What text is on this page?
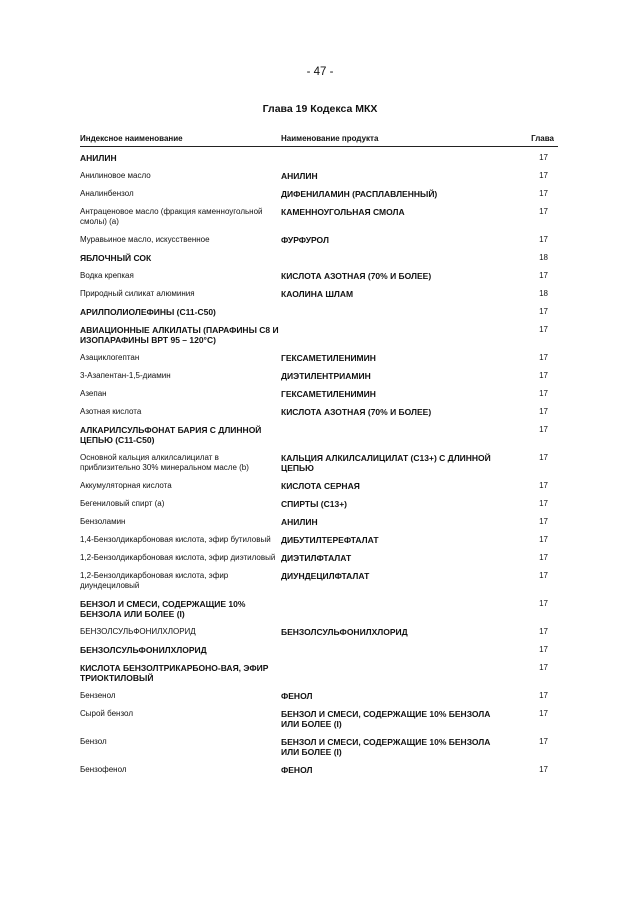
- 47 -
Глава 19 Кодекса МКХ
Индексное наименование	Наименование продукта	Глава
АНИЛИН		17
Анилиновое масло	АНИЛИН	17
Аналинбензол	ДИФЕНИЛАМИН (РАСПЛАВЛЕННЫЙ)	17
Антраценовое масло (фракция каменноугольной смолы) (а)	КАМЕННОУГОЛЬНАЯ СМОЛА	17
Муравьиное масло, искусственное	ФУРФУРОЛ	17
ЯБЛОЧНЫЙ СОК		18
Водка крепкая	КИСЛОТА АЗОТНАЯ (70% И БОЛЕЕ)	17
Природный силикат алюминия	КАОЛИНА ШЛАМ	18
АРИЛПОЛИОЛЕФИНЫ (С11-С50)		17
АВИАЦИОННЫЕ АЛКИЛАТЫ (ПАРАФИНЫ С8 И ИЗОПАРАФИНЫ ВРТ 95 – 120°С)		17
Азациклогептан	ГЕКСАМЕТИЛЕНИМИН	17
3-Азапентан-1,5-диамин	ДИЭТИЛЕНТРИАМИН	17
Азепан	ГЕКСАМЕТИЛЕНИМИН	17
Азотная кислота	КИСЛОТА АЗОТНАЯ (70% И БОЛЕЕ)	17
АЛКАРИЛСУЛЬФОНАТ БАРИЯ С ДЛИННОЙ ЦЕПЬЮ (С11-С50)		17
Основной кальция алкилсалицилат в приблизительно 30% минеральном масле (b)	КАЛЬЦИЯ АЛКИЛСАЛИЦИЛАТ (С13+) С ДЛИННОЙ ЦЕПЬЮ	17
Аккумуляторная кислота	КИСЛОТА СЕРНАЯ	17
Бегениловый спирт (а)	СПИРТЫ (С13+)	17
Бензоламин	АНИЛИН	17
1,4-Бензолдикарбоновая кислота, эфир бутиловый	ДИБУТИЛТЕРЕФТАЛАТ	17
1,2-Бензолдикарбоновая кислота, эфир диэтиловый	ДИЭТИЛФТАЛАТ	17
1,2-Бензолдикарбоновая кислота, эфир диундециловый	ДИУНДЕЦИЛФТАЛАТ	17
БЕНЗОЛ И СМЕСИ, СОДЕРЖАЩИЕ 10% БЕНЗОЛА ИЛИ БОЛЕЕ (I)		17
БЕНЗОЛСУЛЬФОНИЛХЛОРИД	БЕНЗОЛСУЛЬФОНИЛХЛОРИД	17
БЕНЗОЛСУЛЬФОНИЛХЛОРИД		17
КИСЛОТА БЕНЗОЛТРИКАРБОНО-ВАЯ, ЭФИР ТРИОКТИЛОВЫЙ		17
Бензенол	ФЕНОЛ	17
Сырой бензол	БЕНЗОЛ И СМЕСИ, СОДЕРЖАЩИЕ 10% БЕНЗОЛА ИЛИ БОЛЕЕ (I)	17
Бензол	БЕНЗОЛ И СМЕСИ, СОДЕРЖАЩИЕ 10% БЕНЗОЛА ИЛИ БОЛЕЕ (I)	17
Бензофенол	ФЕНОЛ	17
